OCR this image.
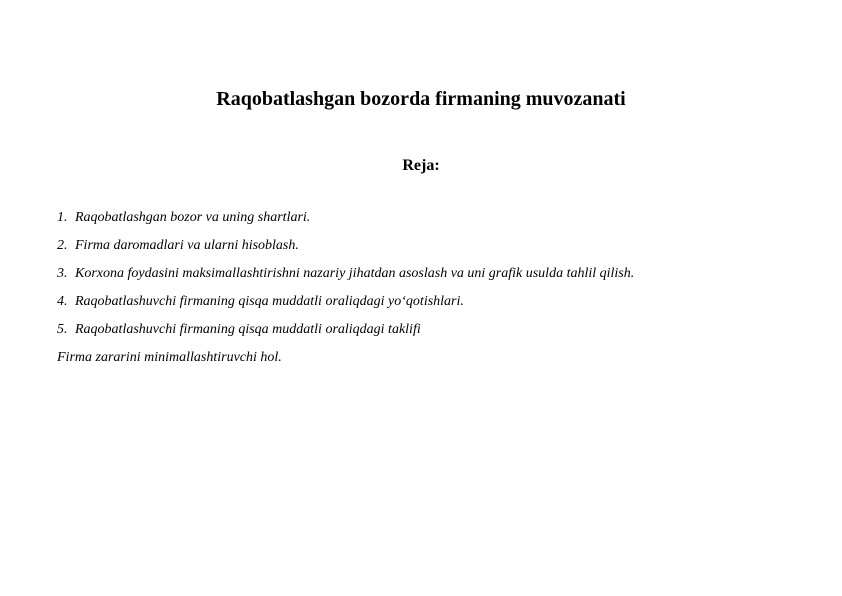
Raqobatlashgan bozorda firmaning muvozanati
Reja:
1. Raqobatlashgan bozor va uning shartlari.
2. Firma daromadlari va ularni hisoblash.
3. Korxona foydasini maksimallashtirishni nazariy jihatdan asoslash va uni grafik usulda tahlil qilish.
4. Raqobatlashuvchi firmaning qisqa muddatli oraliqdagi yo‘qotishlari.
5. Raqobatlashuvchi firmaning qisqa muddatli oraliqdagi taklifi
Firma zararini minimallashtiruvchi hol.
